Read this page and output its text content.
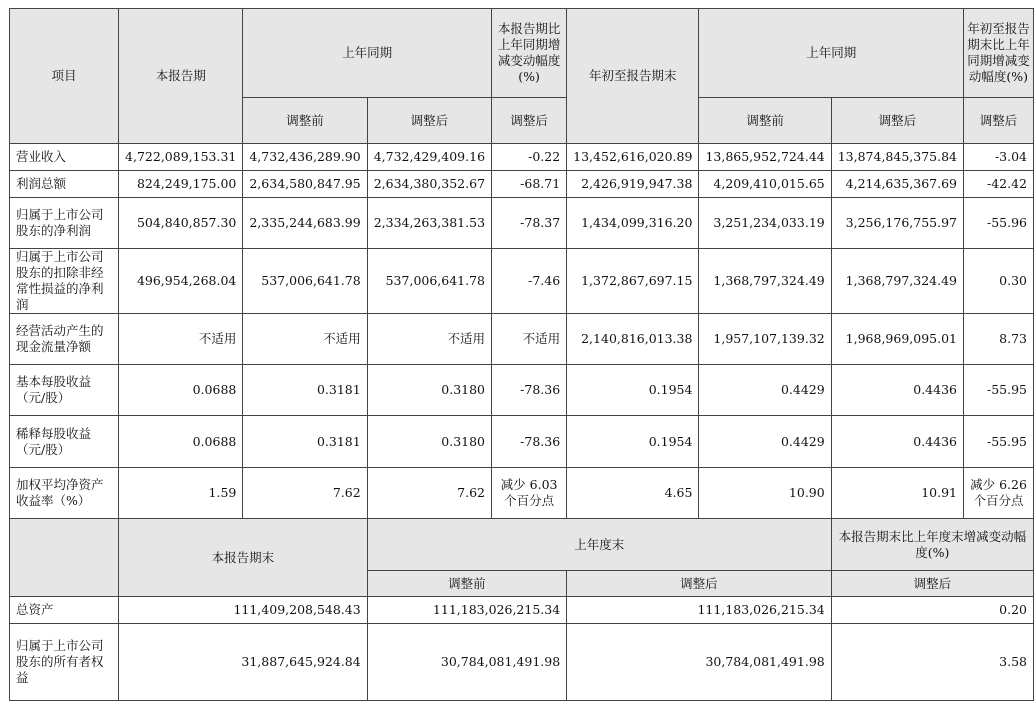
项目	本报告期	上年同期		本报告期比上年同期增减变动幅度(%)	年初至报告期末	上年同期		年初至报告期末比上年同期增减变动幅度(%)
		调整前	调整后	调整后		调整前	调整后	调整后
营业收入	4,722,089,153.31	4,732,436,289.90	4,732,429,409.16	-0.22	13,452,616,020.89	13,865,952,724.44	13,874,845,375.84	-3.04
利润总额	824,249,175.00	2,634,580,847.95	2,634,380,352.67	-68.71	2,426,919,947.38	4,209,410,015.65	4,214,635,367.69	-42.42
归属于上市公司股东的净利润	504,840,857.30	2,335,244,683.99	2,334,263,381.53	-78.37	1,434,099,316.20	3,251,234,033.19	3,256,176,755.97	-55.96
归属于上市公司股东的扣除非经常性损益的净利润	496,954,268.04	537,006,641.78	537,006,641.78	-7.46	1,372,867,697.15	1,368,797,324.49	1,368,797,324.49	0.30
经营活动产生的现金流量净额	不适用	不适用	不适用	不适用	2,140,816,013.38	1,957,107,139.32	1,968,969,095.01	8.73
基本每股收益（元/股）	0.0688	0.3181	0.3180	-78.36	0.1954	0.4429	0.4436	-55.95
稀释每股收益（元/股）	0.0688	0.3181	0.3180	-78.36	0.1954	0.4429	0.4436	-55.95
加权平均净资产收益率（%）	1.59	7.62	7.62	减少 6.03 个百分点	4.65	10.90	10.91	减少 6.26 个百分点
	本报告期末		上年度末				本报告期末比上年度末增减变动幅度(%)	
			调整前		调整后		调整后	
总资产	111,409,208,548.43		111,183,026,215.34		111,183,026,215.34		0.20	
归属于上市公司股东的所有者权益	31,887,645,924.84		30,784,081,491.98		30,784,081,491.98		3.58	
